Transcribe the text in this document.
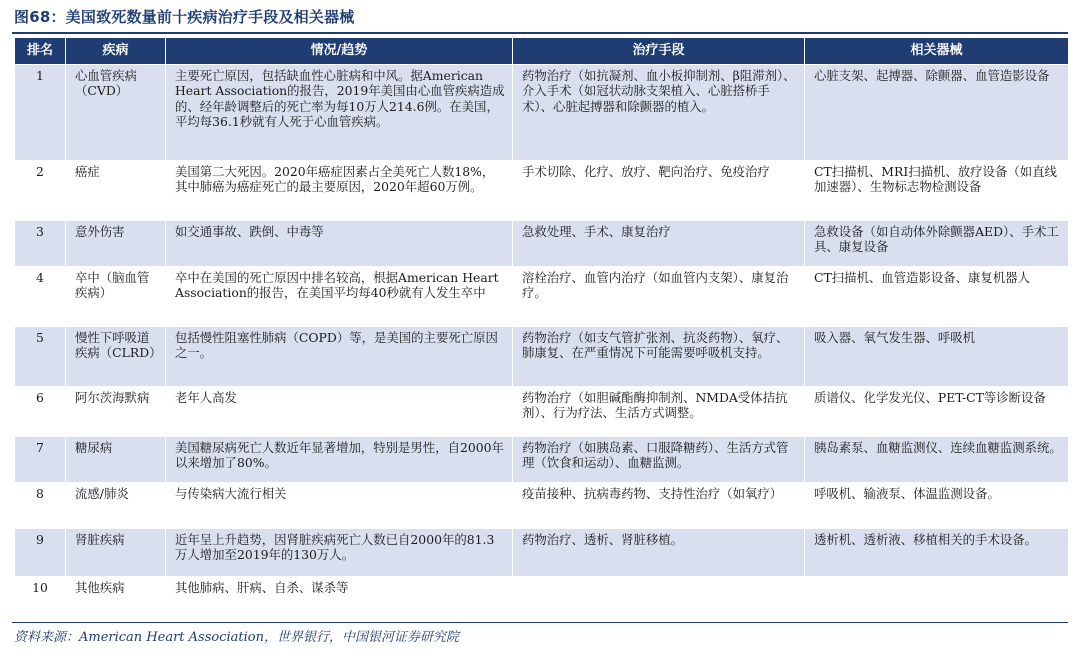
图68：美国致死数量前十疾病治疗手段及相关器械
排名	疾病	情况/趋势	治疗手段	相关器械
1	心血管疾病（CVD）	主要死亡原因，包括缺血性心脏病和中风。据American Heart Association的报告，2019年美国由心血管疾病造成的、经年龄调整后的死亡率为每10万人214.6例。在美国，平均每36.1秒就有人死于心血管疾病。	药物治疗（如抗凝剂、血小板抑制剂、β阻滞剂）、介入手术（如冠状动脉支架植入、心脏搭桥手术）、心脏起搏器和除颤器的植入。	心脏支架、起搏器、除颤器、血管造影设备
2	癌症	美国第二大死因。2020年癌症因素占全美死亡人数18%，其中肺癌为癌症死亡的最主要原因，2020年超60万例。	手术切除、化疗、放疗、靶向治疗、免疫治疗	CT扫描机、MRI扫描机、放疗设备（如直线加速器）、生物标志物检测设备
3	意外伤害	如交通事故、跌倒、中毒等	急救处理、手术、康复治疗	急救设备（如自动体外除颤器AED）、手术工具、康复设备
4	卒中（脑血管疾病）	卒中在美国的死亡原因中排名较高，根据American Heart Association的报告，在美国平均每40秒就有人发生卒中	溶栓治疗、血管内治疗（如血管内支架）、康复治疗。	CT扫描机、血管造影设备、康复机器人
5	慢性下呼吸道疾病（CLRD）	包括慢性阻塞性肺病（COPD）等，是美国的主要死亡原因之一。	药物治疗（如支气管扩张剂、抗炎药物）、氧疗、肺康复、在严重情况下可能需要呼吸机支持。	吸入器、氧气发生器、呼吸机
6	阿尔茨海默病	老年人高发	药物治疗（如胆碱酯酶抑制剂、NMDA受体拮抗剂）、行为疗法、生活方式调整。	质谱仪、化学发光仪、PET-CT等诊断设备
7	糖尿病	美国糖尿病死亡人数近年显著增加，特别是男性，自2000年以来增加了80%。	药物治疗（如胰岛素、口服降糖药）、生活方式管理（饮食和运动）、血糖监测。	胰岛素泵、血糖监测仪、连续血糖监测系统。
8	流感/肺炎	与传染病大流行相关	疫苗接种、抗病毒药物、支持性治疗（如氧疗）	呼吸机、输液泵、体温监测设备。
9	肾脏疾病	近年呈上升趋势，因肾脏疾病死亡人数已自2000年的81.3万人增加至2019年的130万人。	药物治疗、透析、肾脏移植。	透析机、透析液、移植相关的手术设备。
10	其他疾病	其他肺病、肝病、自杀、谋杀等		
资料来源：American Heart Association，世界银行，中国银河证券研究院
